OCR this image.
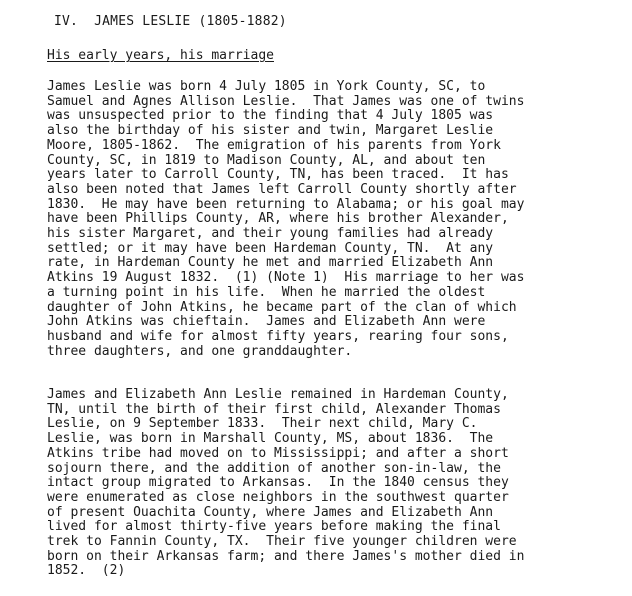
IV.  JAMES LESLIE (1805-1882)
His early years, his marriage
James Leslie was born 4 July 1805 in York County, SC, to
Samuel and Agnes Allison Leslie.  That James was one of twins
was unsuspected prior to the finding that 4 July 1805 was
also the birthday of his sister and twin, Margaret Leslie
Moore, 1805-1862.  The emigration of his parents from York
County, SC, in 1819 to Madison County, AL, and about ten
years later to Carroll County, TN, has been traced.  It has
also been noted that James left Carroll County shortly after
1830.  He may have been returning to Alabama; or his goal may
have been Phillips County, AR, where his brother Alexander,
his sister Margaret, and their young families had already
settled; or it may have been Hardeman County, TN.  At any
rate, in Hardeman County he met and married Elizabeth Ann
Atkins 19 August 1832.  (1) (Note 1)  His marriage to her was
a turning point in his life.  When he married the oldest
daughter of John Atkins, he became part of the clan of which
John Atkins was chieftain.  James and Elizabeth Ann were
husband and wife for almost fifty years, rearing four sons,
three daughters, and one granddaughter.
James and Elizabeth Ann Leslie remained in Hardeman County,
TN, until the birth of their first child, Alexander Thomas
Leslie, on 9 September 1833.  Their next child, Mary C.
Leslie, was born in Marshall County, MS, about 1836.  The
Atkins tribe had moved on to Mississippi; and after a short
sojourn there, and the addition of another son-in-law, the
intact group migrated to Arkansas.  In the 1840 census they
were enumerated as close neighbors in the southwest quarter
of present Ouachita County, where James and Elizabeth Ann
lived for almost thirty-five years before making the final
trek to Fannin County, TX.  Their five younger children were
born on their Arkansas farm; and there James's mother died in
1852.  (2)
